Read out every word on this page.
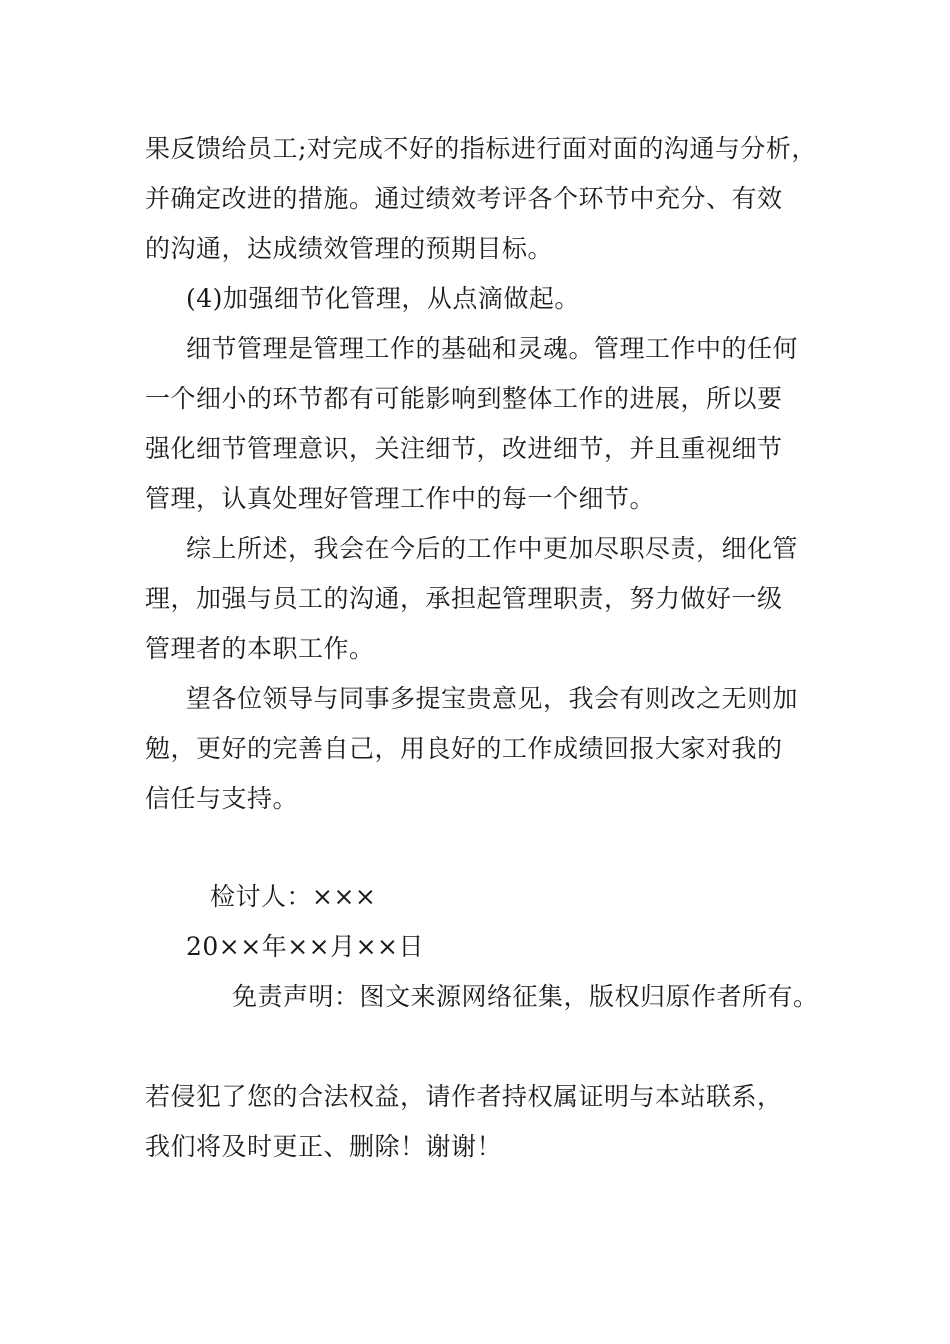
果反馈给员工;对完成不好的指标进行面对面的沟通与分析，
并确定改进的措施。通过绩效考评各个环节中充分、有效
的沟通，达成绩效管理的预期目标。
(4)加强细节化管理，从点滴做起。
细节管理是管理工作的基础和灵魂。管理工作中的任何
一个细小的环节都有可能影响到整体工作的进展，所以要
强化细节管理意识，关注细节，改进细节，并且重视细节
管理，认真处理好管理工作中的每一个细节。
综上所述，我会在今后的工作中更加尽职尽责，细化管
理，加强与员工的沟通，承担起管理职责，努力做好一级
管理者的本职工作。
望各位领导与同事多提宝贵意见，我会有则改之无则加
勉，更好的完善自己，用良好的工作成绩回报大家对我的
信任与支持。
检讨人：×××
20××年××月××日
免责声明：图文来源网络征集，版权归原作者所有。
若侵犯了您的合法权益，请作者持权属证明与本站联系，
我们将及时更正、删除！谢谢！
